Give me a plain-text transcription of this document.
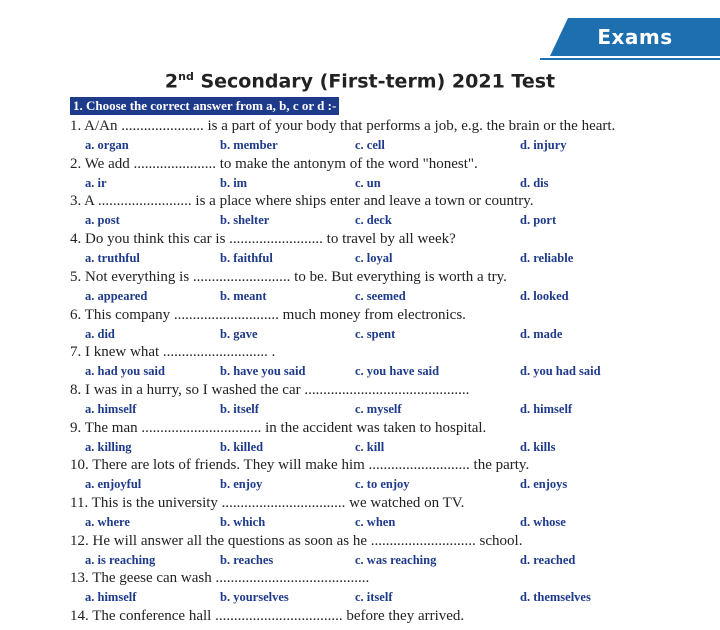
Exams
2nd Secondary (First-term) 2021 Test
1. Choose the correct answer from a, b, c or d :-
1. A/An ...................... is a part of your body that performs a job, e.g. the brain or the heart.
a. organ	b. member	c. cell	d. injury
2. We add ...................... to make the antonym of the word "honest".
a. ir	b. im	c. un	d. dis
3. A ......................... is a place where ships enter and leave a town or country.
a. post	b. shelter	c. deck	d. port
4. Do you think this car is ......................... to travel by all week?
a. truthful	b. faithful	c. loyal	d. reliable
5. Not everything is .......................... to be. But everything is worth a try.
a. appeared	b. meant	c. seemed	d. looked
6. This company ............................ much money from electronics.
a. did	b. gave	c. spent	d. made
7. I knew what ............................ .
a. had you said	b. have you said	c. you have said	d. you had said
8. I was in a hurry, so I washed the car ............................................
a. himself	b. itself	c. myself	d. himself
9. The man ................................ in the accident was taken to hospital.
a. killing	b. killed	c. kill	d. kills
10. There are lots of friends. They will make him ........................... the party.
a. enjoyful	b. enjoy	c. to enjoy	d. enjoys
11. This is the university ................................. we watched on TV.
a. where	b. which	c. when	d. whose
12. He will answer all the questions as soon as he ............................ school.
a. is reaching	b. reaches	c. was reaching	d. reached
13. The geese can wash .........................................
a. himself	b. yourselves	c. itself	d. themselves
14. The conference hall .................................. before they arrived.
